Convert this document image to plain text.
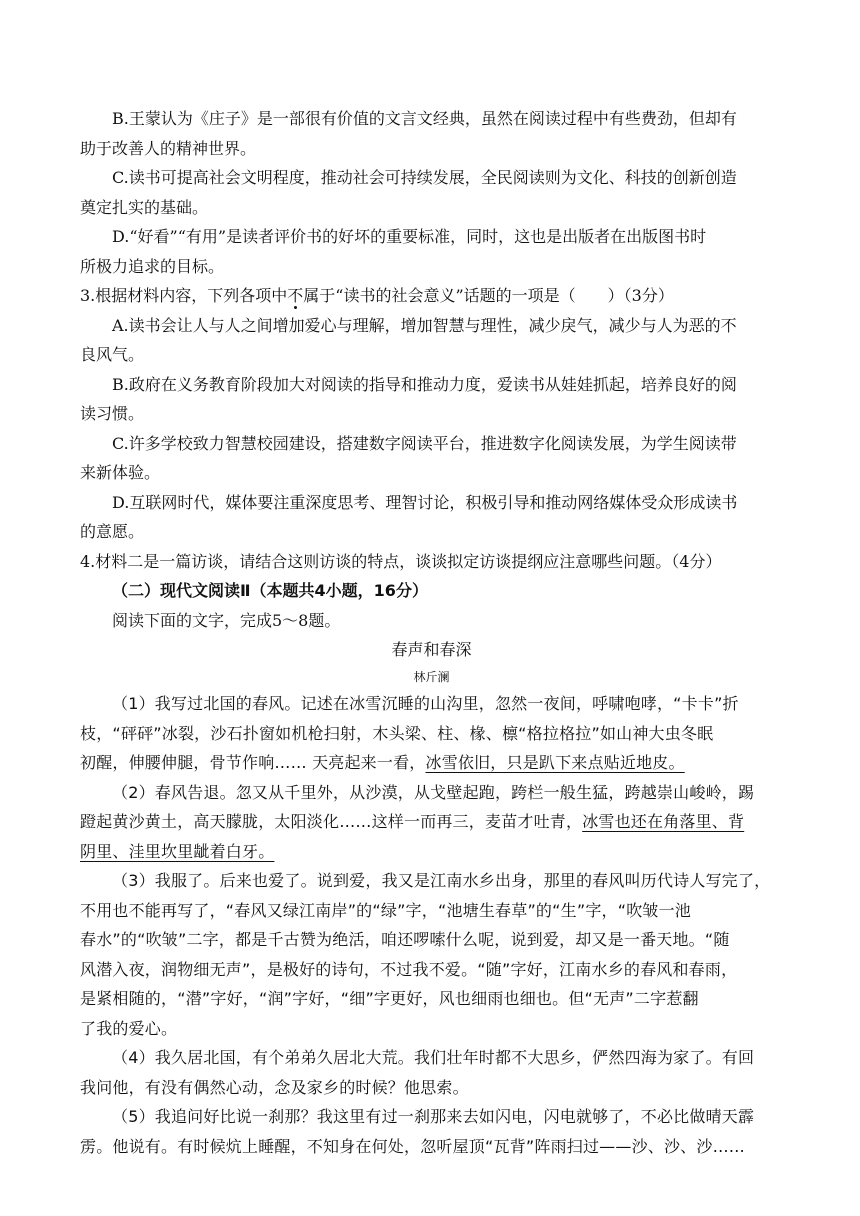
B.王蒙认为《庄子》是一部很有价值的文言文经典，虽然在阅读过程中有些费劲，但却有
助于改善人的精神世界。
C.读书可提高社会文明程度，推动社会可持续发展，全民阅读则为文化、科技的创新创造
奠定扎实的基础。
D.“好看”“有用”是读者评价书的好坏的重要标准，同时，这也是出版者在出版图书时
所极力追求的目标。
3.根据材料内容，下列各项中不属于“读书的社会意义”话题的一项是（　　）（3分）
A.读书会让人与人之间增加爱心与理解，增加智慧与理性，减少戾气，减少与人为恶的不
良风气。
B.政府在义务教育阶段加大对阅读的指导和推动力度，爱读书从娃娃抓起，培养良好的阅
读习惯。
C.许多学校致力智慧校园建设，搭建数字阅读平台，推进数字化阅读发展，为学生阅读带
来新体验。
D.互联网时代，媒体要注重深度思考、理智讨论，积极引导和推动网络媒体受众形成读书
的意愿。
4.材料二是一篇访谈，请结合这则访谈的特点，谈谈拟定访谈提纲应注意哪些问题。（4分）
（二）现代文阅读Ⅱ（本题共4小题，16分）
阅读下面的文字，完成5～8题。
春声和春深
林斤澜
（1）我写过北国的春风。记述在冰雪沉睡的山沟里，忽然一夜间，呼啸咆哮，“卡卡”折
枝，“砰砰”冰裂，沙石扑窗如机枪扫射，木头梁、柱、椽、檩“格拉格拉”如山神大虫冬眠
初醒，伸腰伸腿，骨节作响…… 天亮起来一看，冰雪依旧，只是趴下来点贴近地皮。
（2）春风告退。忽又从千里外，从沙漠，从戈壁起跑，跨栏一般生猛，跨越崇山峻岭，踢
蹬起黄沙黄土，高天朦胧，太阳淡化……这样一而再三，麦苗才吐青，冰雪也还在角落里、背
阴里、洼里坎里龇着白牙。
（3）我服了。后来也爱了。说到爱，我又是江南水乡出身，那里的春风叫历代诗人写完了，
不用也不能再写了，“春风又绿江南岸”的“绿”字，“池塘生春草”的“生”字，“吹皱一池
春水”的“吹皱”二字，都是千古赞为绝活，咱还啰嗦什么呢，说到爱，却又是一番天地。“随
风潜入夜，润物细无声”，是极好的诗句，不过我不爱。“随”字好，江南水乡的春风和春雨，
是紧相随的，“潜”字好，“润”字好，“细”字更好，风也细雨也细也。但“无声”二字惹翻
了我的爱心。
（4）我久居北国，有个弟弟久居北大荒。我们壮年时都不大思乡，俨然四海为家了。有回
我问他，有没有偶然心动，念及家乡的时候？他思索。
（5）我追问好比说一刹那？我这里有过一刹那来去如闪电，闪电就够了，不必比做晴天霹
雳。他说有。有时候炕上睡醒，不知身在何处，忽听屋顶“瓦背”阵雨扫过——沙、沙、沙……
